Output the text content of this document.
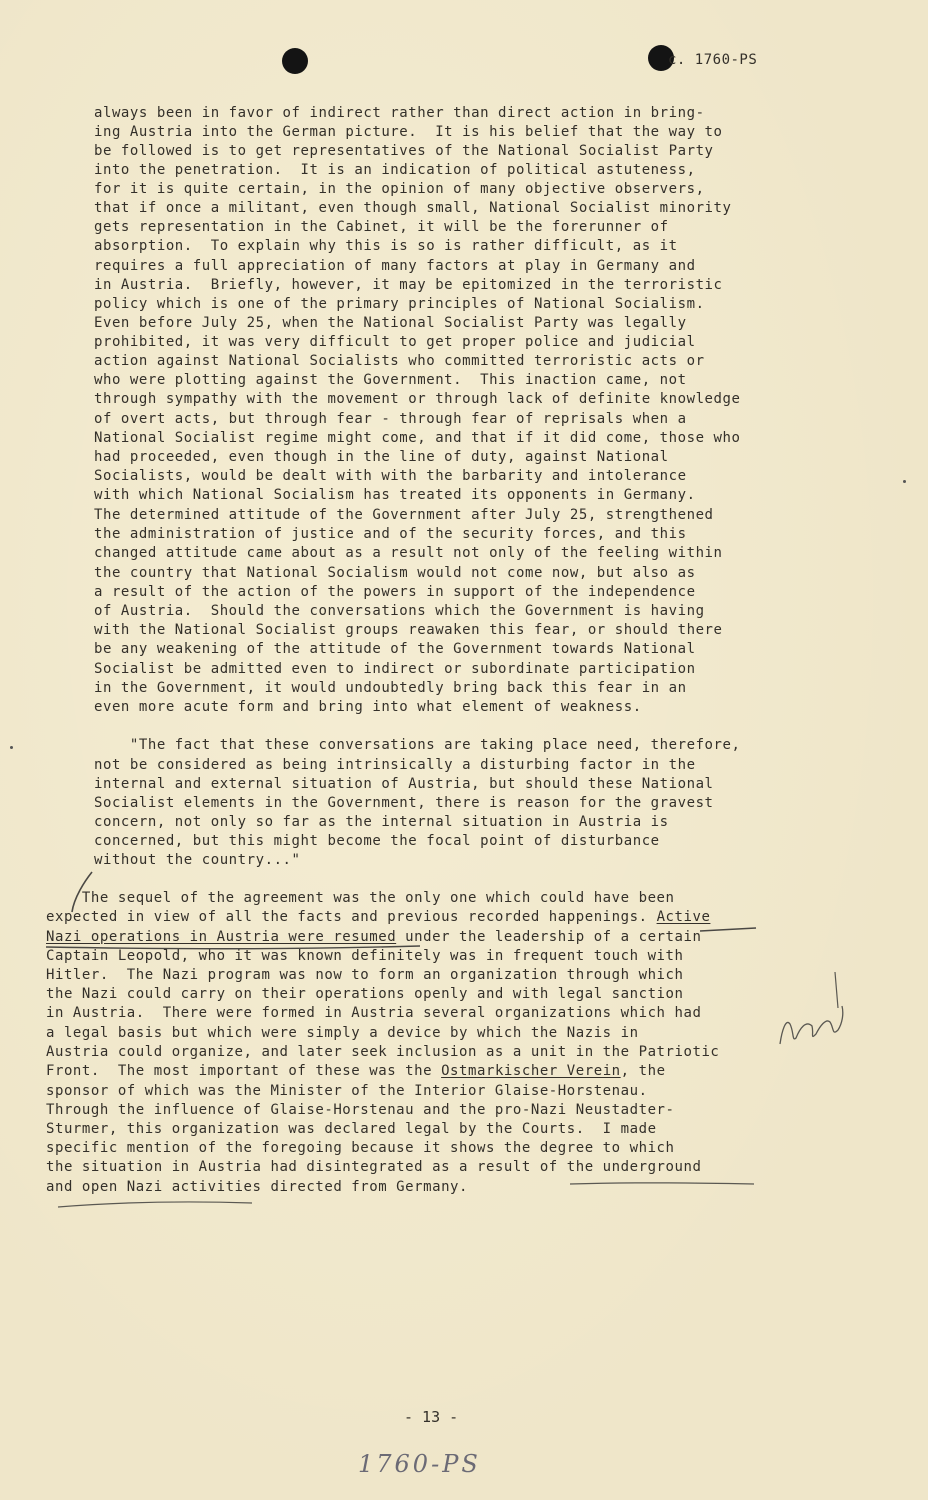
c. 1760-PS
always been in favor of indirect rather than direct action in bring-
ing Austria into the German picture.  It is his belief that the way to
be followed is to get representatives of the National Socialist Party
into the penetration.  It is an indication of political astuteness,
for it is quite certain, in the opinion of many objective observers,
that if once a militant, even though small, National Socialist minority
gets representation in the Cabinet, it will be the forerunner of
absorption.  To explain why this is so is rather difficult, as it
requires a full appreciation of many factors at play in Germany and
in Austria.  Briefly, however, it may be epitomized in the terroristic
policy which is one of the primary principles of National Socialism.
Even before July 25, when the National Socialist Party was legally
prohibited, it was very difficult to get proper police and judicial
action against National Socialists who committed terroristic acts or
who were plotting against the Government.  This inaction came, not
through sympathy with the movement or through lack of definite knowledge
of overt acts, but through fear - through fear of reprisals when a
National Socialist regime might come, and that if it did come, those who
had proceeded, even though in the line of duty, against National
Socialists, would be dealt with with the barbarity and intolerance
with which National Socialism has treated its opponents in Germany.
The determined attitude of the Government after July 25, strengthened
the administration of justice and of the security forces, and this
changed attitude came about as a result not only of the feeling within
the country that National Socialism would not come now, but also as
a result of the action of the powers in support of the independence
of Austria.  Should the conversations which the Government is having
with the National Socialist groups reawaken this fear, or should there
be any weakening of the attitude of the Government towards National
Socialist be admitted even to indirect or subordinate participation
in the Government, it would undoubtedly bring back this fear in an
even more acute form and bring into what element of weakness.
"The fact that these conversations are taking place need, therefore,
not be considered as being intrinsically a disturbing factor in the
internal and external situation of Austria, but should these National
Socialist elements in the Government, there is reason for the gravest
concern, not only so far as the internal situation in Austria is
concerned, but this might become the focal point of disturbance
without the country..."
The sequel of the agreement was the only one which could have been
expected in view of all the facts and previous recorded happenings. Active
Nazi operations in Austria were resumed under the leadership of a certain
Captain Leopold, who it was known definitely was in frequent touch with
Hitler.  The Nazi program was now to form an organization through which
the Nazi could carry on their operations openly and with legal sanction
in Austria.  There were formed in Austria several organizations which had
a legal basis but which were simply a device by which the Nazis in
Austria could organize, and later seek inclusion as a unit in the Patriotic
Front.  The most important of these was the Ostmarkischer Verein, the
sponsor of which was the Minister of the Interior Glaise-Horstenau.
Through the influence of Glaise-Horstenau and the pro-Nazi Neustadter-
Sturmer, this organization was declared legal by the Courts.  I made
specific mention of the foregoing because it shows the degree to which
the situation in Austria had disintegrated as a result of the underground
and open Nazi activities directed from Germany.
- 13 -
1760-PS
